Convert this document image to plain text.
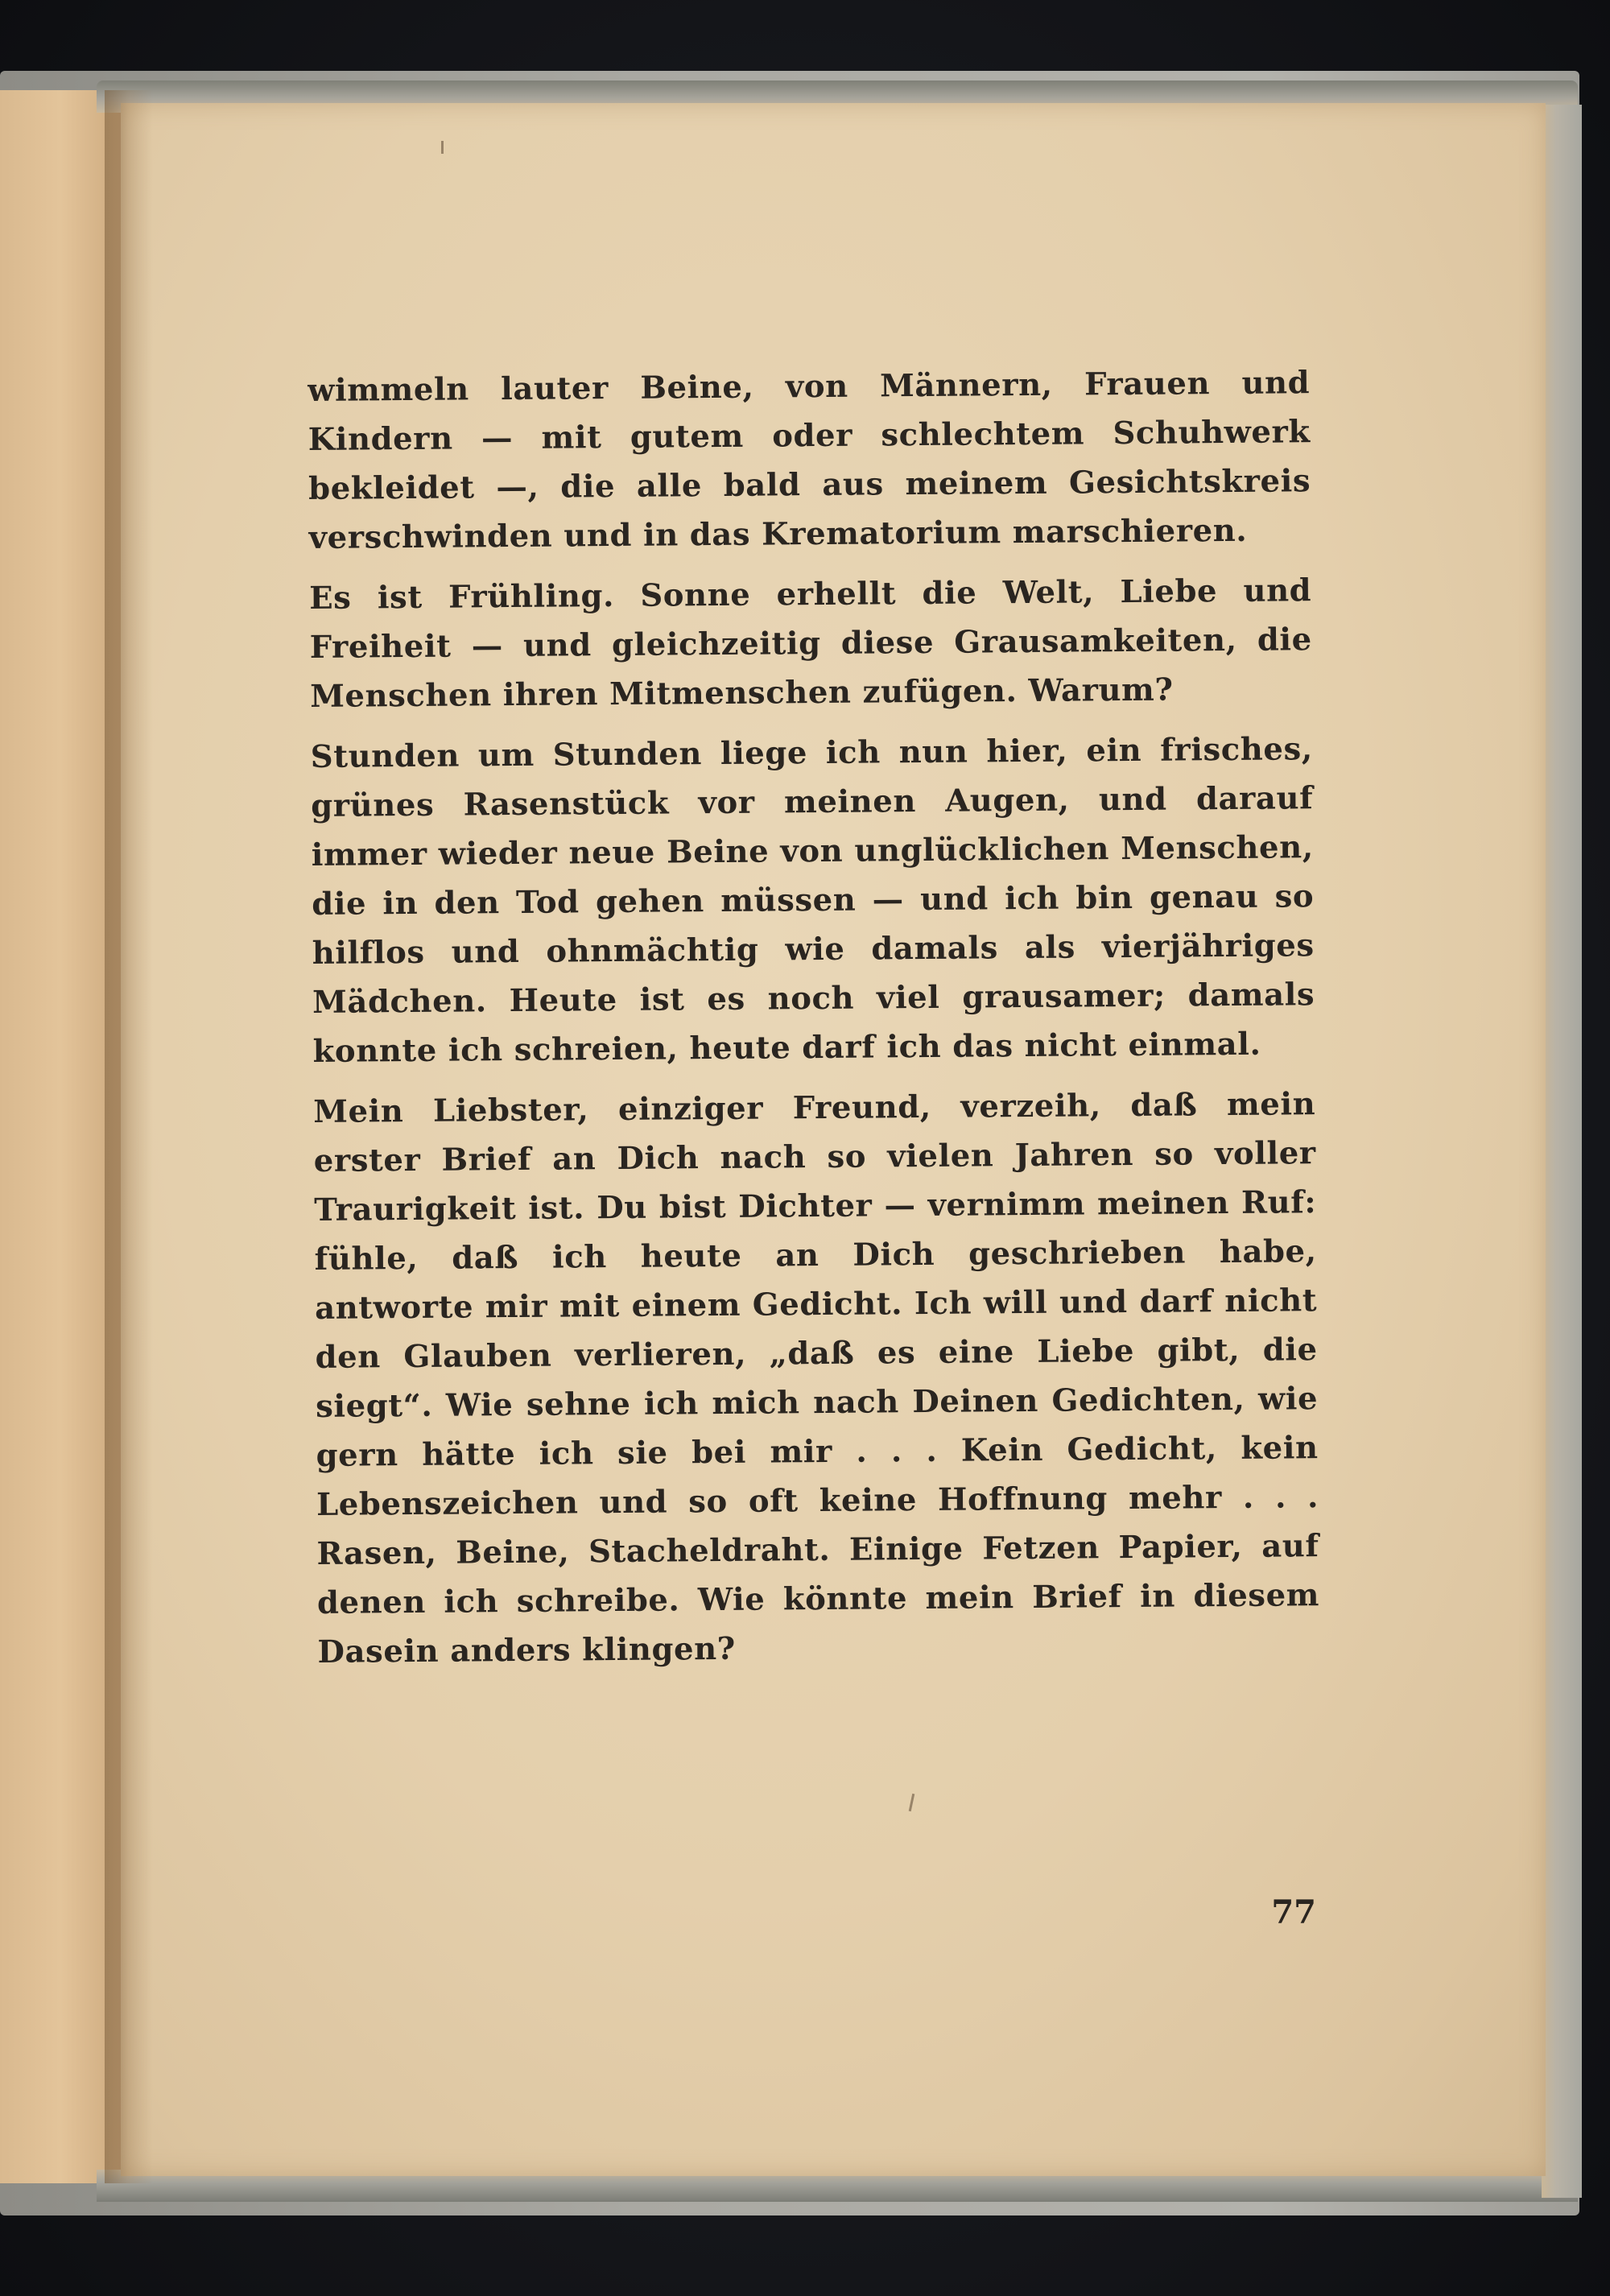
wimmeln lauter Beine, von Männern, Frauen und Kindern — mit gutem oder schlechtem Schuhwerk bekleidet —, die alle bald aus meinem Gesichtskreis verschwinden und in das Krematorium marschieren.

Es ist Frühling. Sonne erhellt die Welt, Liebe und Freiheit — und gleichzeitig diese Grausamkeiten, die Menschen ihren Mitmenschen zufügen. Warum?

Stunden um Stunden liege ich nun hier, ein frisches, grünes Rasenstück vor meinen Augen, und darauf immer wieder neue Beine von unglücklichen Menschen, die in den Tod gehen müssen — und ich bin genau so hilflos und ohnmächtig wie damals als vierjähriges Mädchen. Heute ist es noch viel grausamer; damals konnte ich schreien, heute darf ich das nicht einmal.

Mein Liebster, einziger Freund, verzeih, daß mein erster Brief an Dich nach so vielen Jahren so voller Traurigkeit ist. Du bist Dichter — vernimm meinen Ruf: fühle, daß ich heute an Dich geschrieben habe, antworte mir mit einem Gedicht. Ich will und darf nicht den Glauben verlieren, „daß es eine Liebe gibt, die siegt“. Wie sehne ich mich nach Deinen Gedichten, wie gern hätte ich sie bei mir . . . Kein Gedicht, kein Lebenszeichen und so oft keine Hoffnung mehr . . . Rasen, Beine, Stacheldraht. Einige Fetzen Papier, auf denen ich schreibe. Wie könnte mein Brief in diesem Dasein anders klingen?

77
